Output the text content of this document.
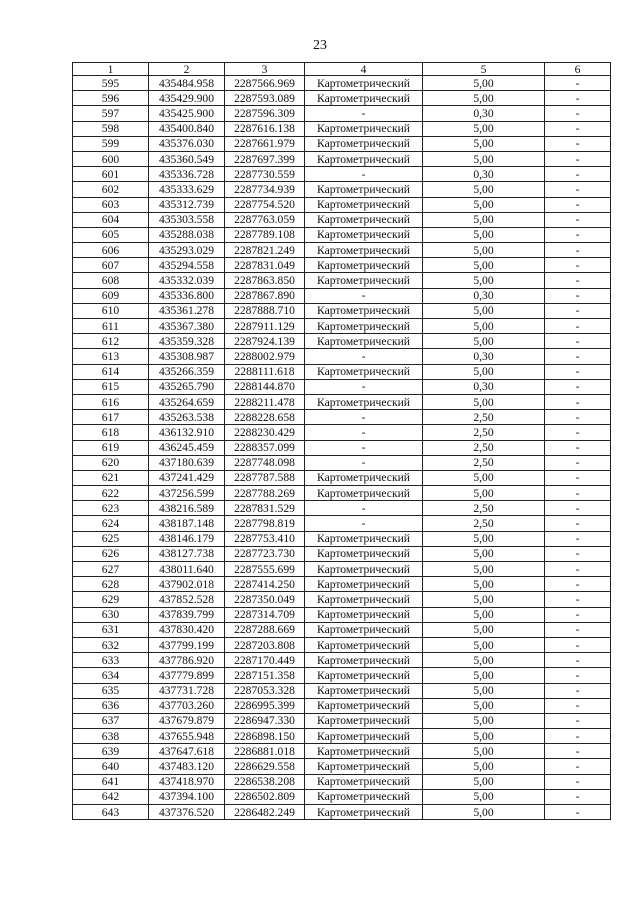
23
1	2	3	4	5	6
595	435484.958	2287566.969	Картометрический	5,00	-
596	435429.900	2287593.089	Картометрический	5,00	-
597	435425.900	2287596.309	-	0,30	-
598	435400.840	2287616.138	Картометрический	5,00	-
599	435376.030	2287661.979	Картометрический	5,00	-
600	435360.549	2287697.399	Картометрический	5,00	-
601	435336.728	2287730.559	-	0,30	-
602	435333.629	2287734.939	Картометрический	5,00	-
603	435312.739	2287754.520	Картометрический	5,00	-
604	435303.558	2287763.059	Картометрический	5,00	-
605	435288.038	2287789.108	Картометрический	5,00	-
606	435293.029	2287821.249	Картометрический	5,00	-
607	435294.558	2287831.049	Картометрический	5,00	-
608	435332.039	2287863.850	Картометрический	5,00	-
609	435336.800	2287867.890	-	0,30	-
610	435361.278	2287888.710	Картометрический	5,00	-
611	435367.380	2287911.129	Картометрический	5,00	-
612	435359.328	2287924.139	Картометрический	5,00	-
613	435308.987	2288002.979	-	0,30	-
614	435266.359	2288111.618	Картометрический	5,00	-
615	435265.790	2288144.870	-	0,30	-
616	435264.659	2288211.478	Картометрический	5,00	-
617	435263.538	2288228.658	-	2,50	-
618	436132.910	2288230.429	-	2,50	-
619	436245.459	2288357.099	-	2,50	-
620	437180.639	2287748.098	-	2,50	-
621	437241.429	2287787.588	Картометрический	5,00	-
622	437256.599	2287788.269	Картометрический	5,00	-
623	438216.589	2287831.529	-	2,50	-
624	438187.148	2287798.819	-	2,50	-
625	438146.179	2287753.410	Картометрический	5,00	-
626	438127.738	2287723.730	Картометрический	5,00	-
627	438011.640	2287555.699	Картометрический	5,00	-
628	437902.018	2287414.250	Картометрический	5,00	-
629	437852.528	2287350.049	Картометрический	5,00	-
630	437839.799	2287314.709	Картометрический	5,00	-
631	437830.420	2287288.669	Картометрический	5,00	-
632	437799.199	2287203.808	Картометрический	5,00	-
633	437786.920	2287170.449	Картометрический	5,00	-
634	437779.899	2287151.358	Картометрический	5,00	-
635	437731.728	2287053.328	Картометрический	5,00	-
636	437703.260	2286995.399	Картометрический	5,00	-
637	437679.879	2286947.330	Картометрический	5,00	-
638	437655.948	2286898.150	Картометрический	5,00	-
639	437647.618	2286881.018	Картометрический	5,00	-
640	437483.120	2286629.558	Картометрический	5,00	-
641	437418.970	2286538.208	Картометрический	5,00	-
642	437394.100	2286502.809	Картометрический	5,00	-
643	437376.520	2286482.249	Картометрический	5,00	-
